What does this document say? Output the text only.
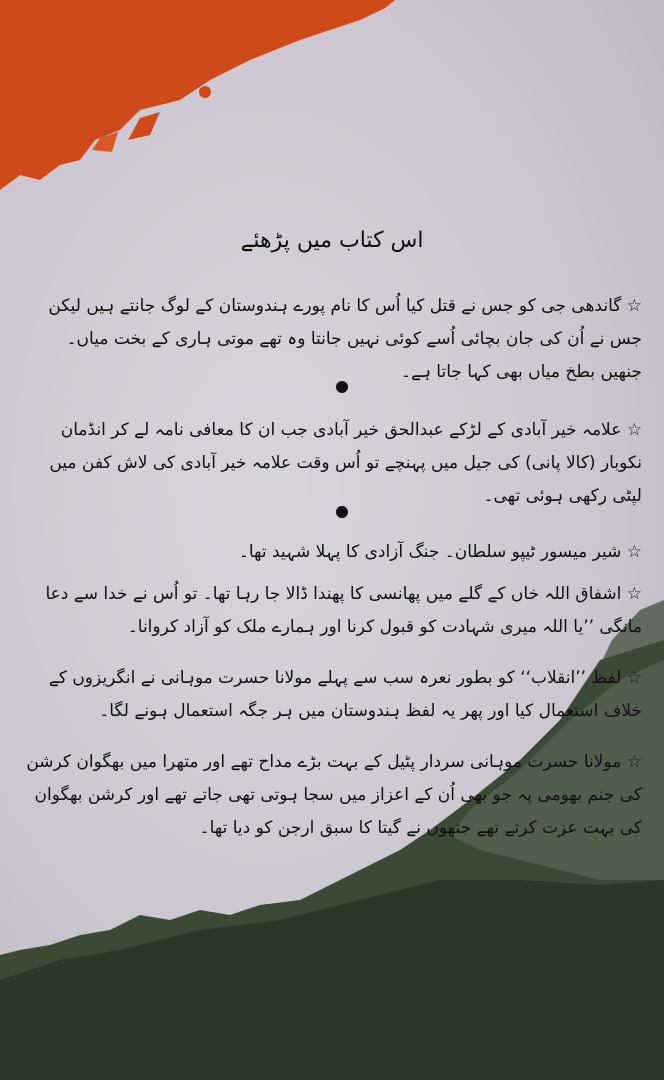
اس کتاب میں پڑھئے
☆ گاندھی جی کو جس نے قتل کیا اُس کا نام پورے ہندوستان کے لوگ جانتے ہیں لیکن جس نے اُن کی جان بچائی اُسے کوئی نہیں جانتا وہ تھے موتی ہاری کے بخت میاں۔ جنھیں بطخ میاں بھی کہا جاتا ہے۔
☆ علامہ خیر آبادی کے لڑکے عبدالحق خیر آبادی جب ان کا معافی نامہ لے کر انڈمان نکوبار (کالا پانی) کی جیل میں پہنچے تو اُس وقت علامہ خیر آبادی کی لاش کفن میں لپٹی رکھی ہوئی تھی۔
☆ شیر میسور ٹیپو سلطان۔ جنگ آزادی کا پہلا شہید تھا۔
☆ اشفاق اللہ خاں کے گلے میں پھانسی کا پھندا ڈالا جا رہا تھا۔ تو اُس نے خدا سے دعا مانگی ’’یا اللہ میری شہادت کو قبول کرنا اور ہمارے ملک کو آزاد کروانا۔
☆ لفظ ’’انقلاب‘‘ کو بطور نعرہ سب سے پہلے مولانا حسرت موہانی نے انگریزوں کے خلاف استعمال کیا اور پھر یہ لفظ ہندوستان میں ہر جگہ استعمال ہونے لگا۔
☆ مولانا حسرت موہانی سردار پٹیل کے بہت بڑے مداح تھے اور متھرا میں بھگوان کرشن کی جنم بھومی پہ جو بھی اُن کے اعزاز میں سجا ہوتی تھی جاتے تھے اور کرشن بھگوان کی بہت عزت کرتے تھے جنھوں نے گیتا کا سبق ارجن کو دیا تھا۔
